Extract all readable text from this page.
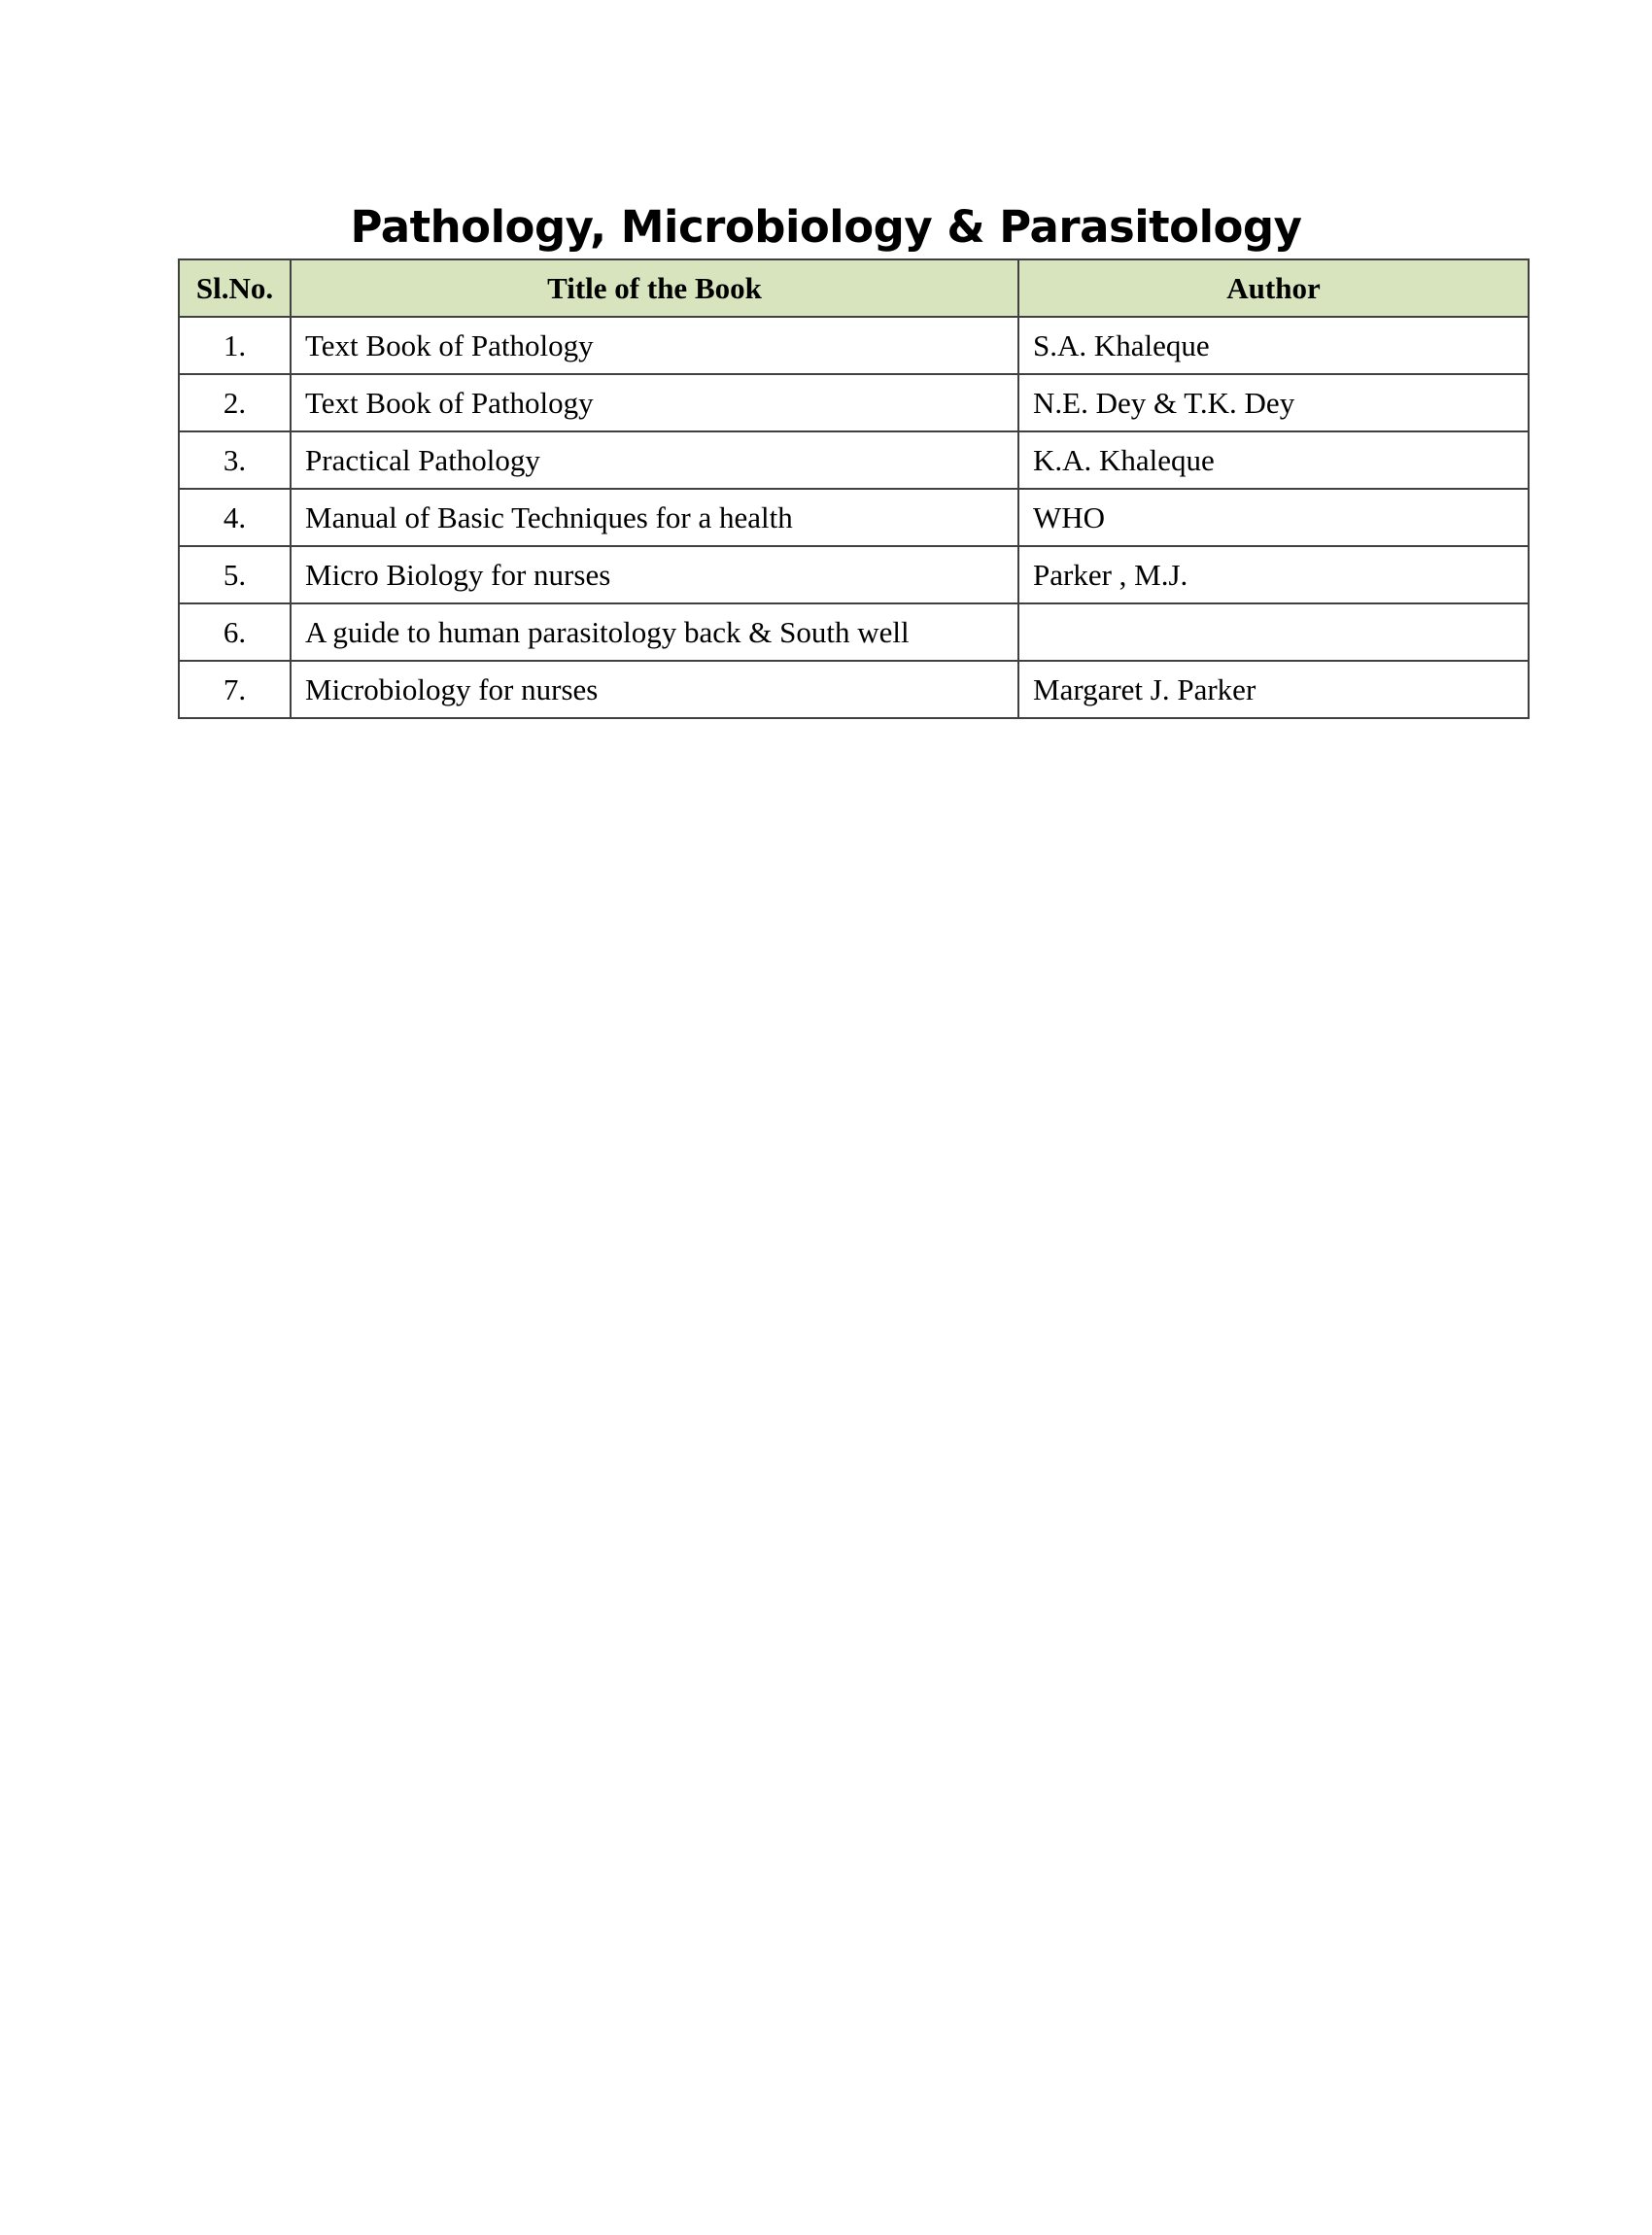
Pathology, Microbiology & Parasitology
Sl.No.	Title of the Book	Author
1.	Text Book of Pathology	S.A. Khaleque
2.	Text Book of Pathology	N.E. Dey & T.K. Dey
3.	Practical Pathology	K.A. Khaleque
4.	Manual of Basic Techniques for a health	WHO
5.	Micro Biology for nurses	Parker , M.J.
6.	A guide to human parasitology back & South well	
7.	Microbiology for nurses	Margaret J. Parker
